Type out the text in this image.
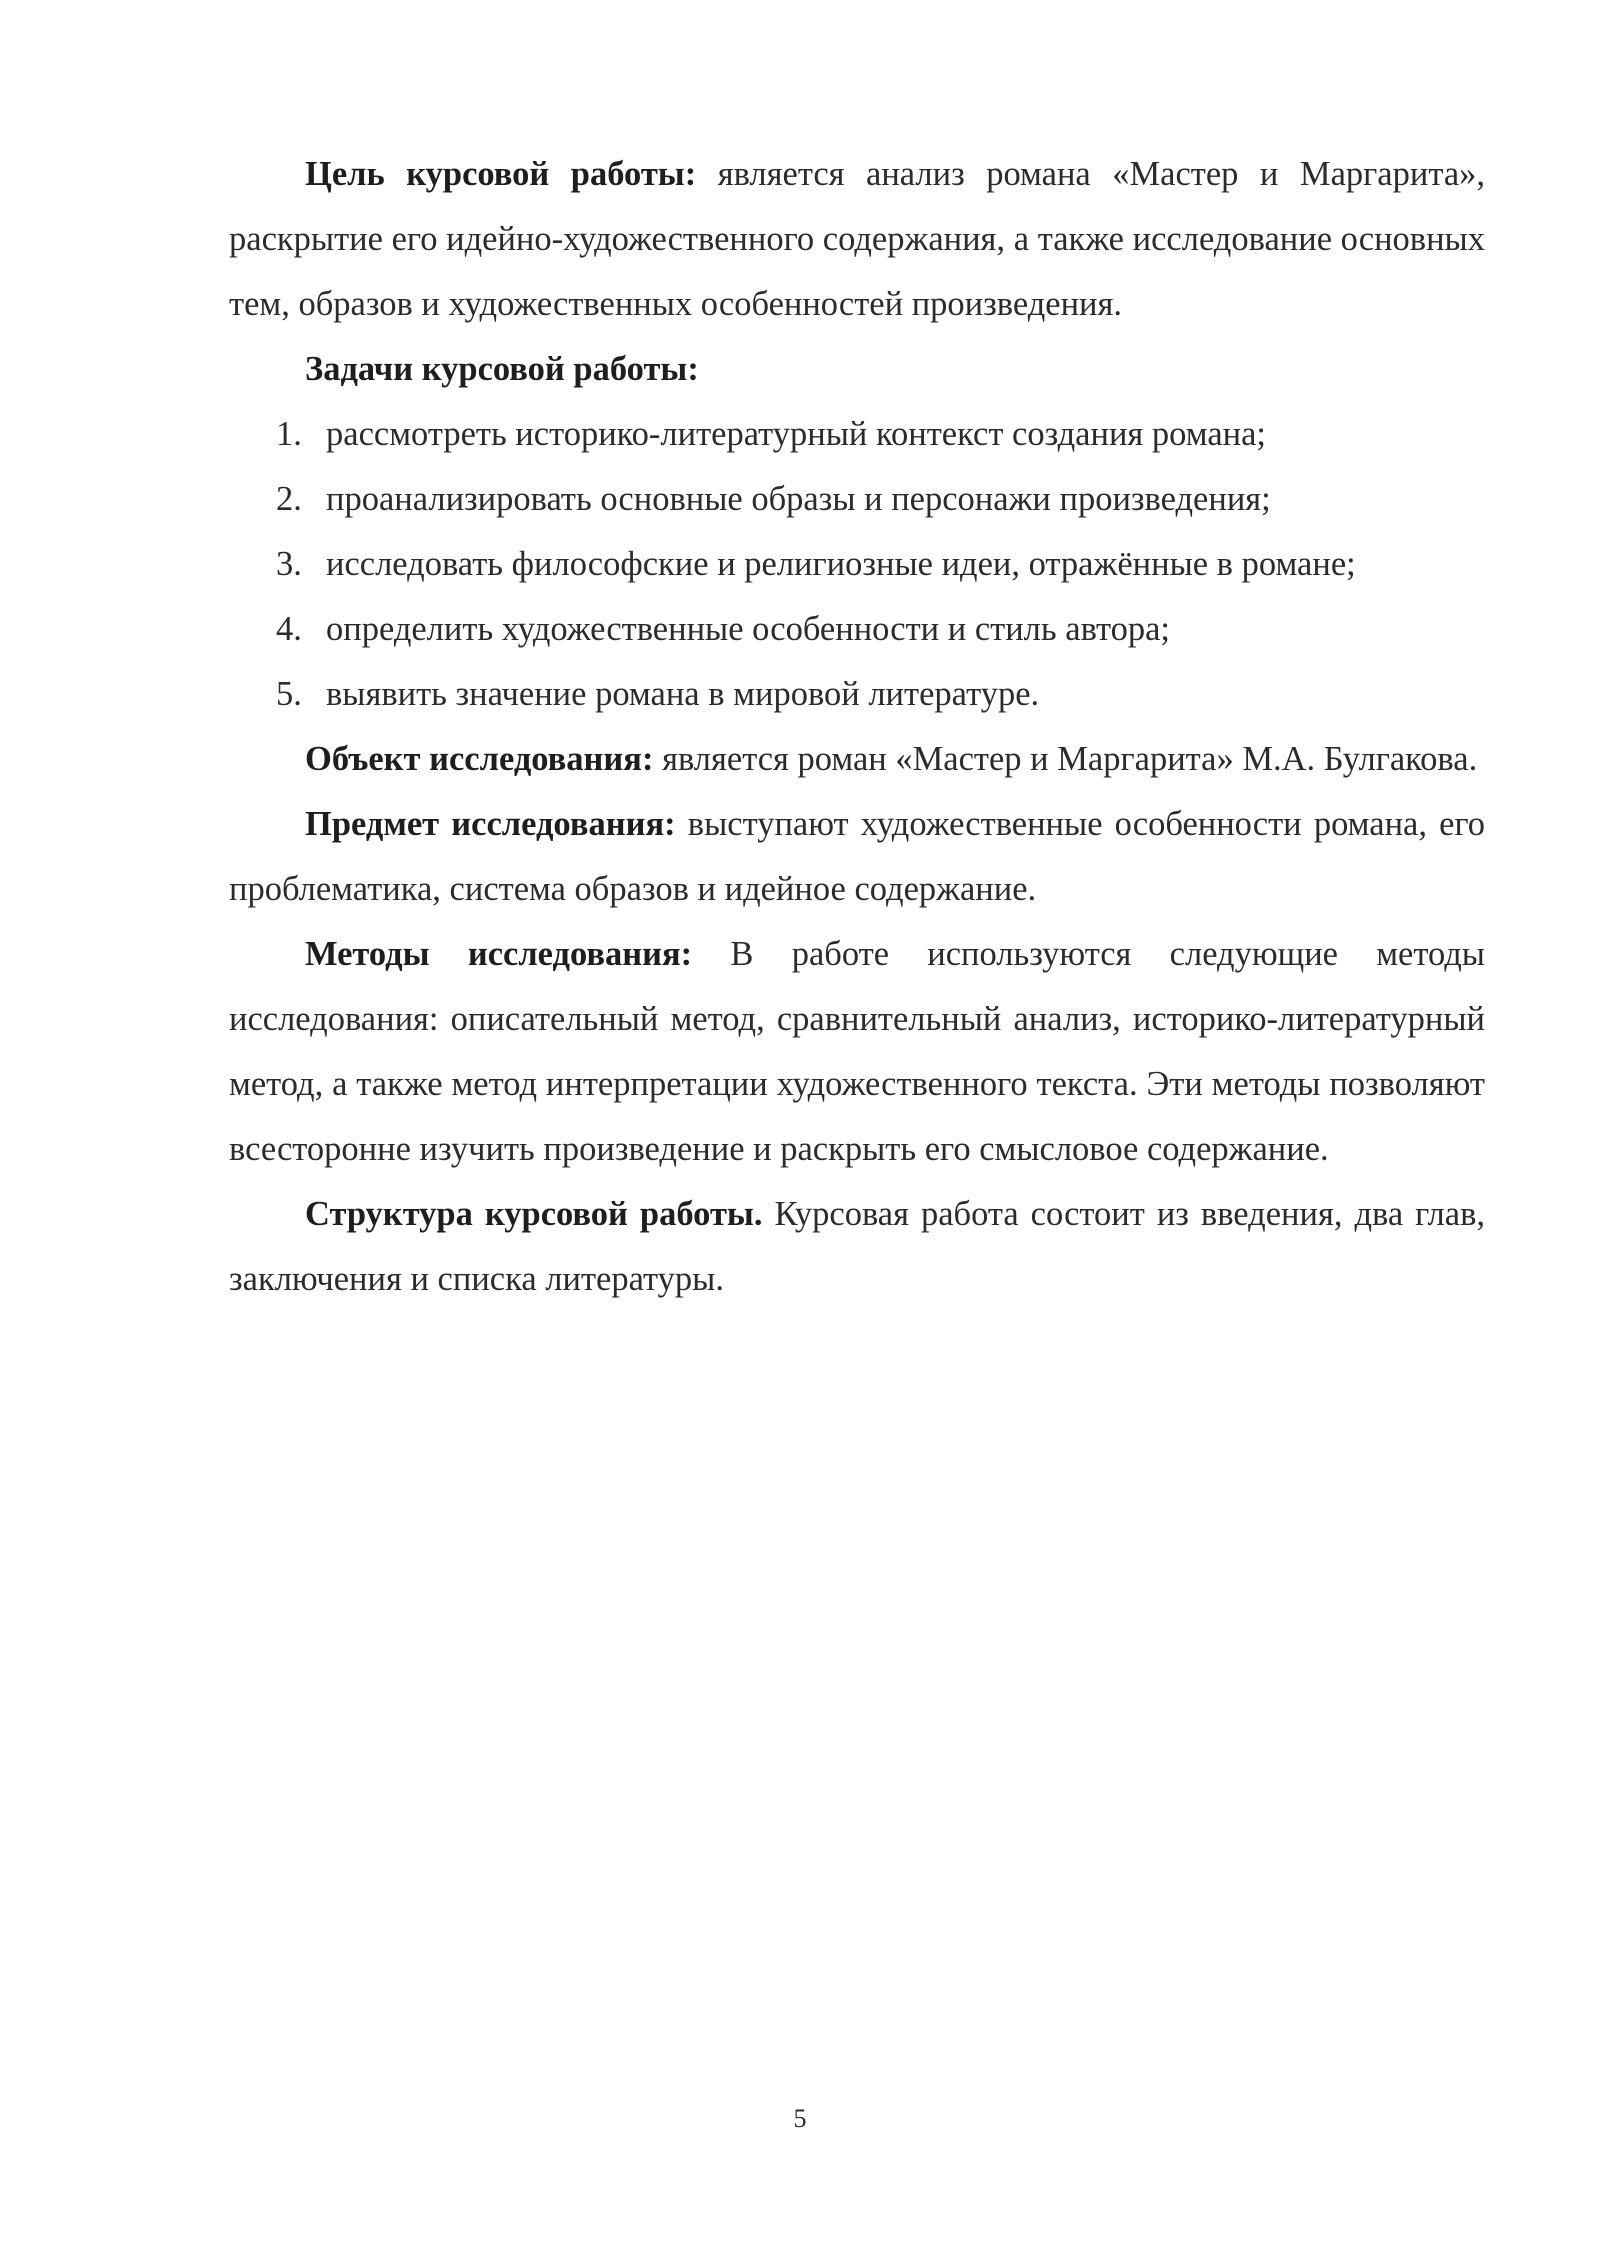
Цель курсовой работы: является анализ романа «Мастер и Маргарита», раскрытие его идейно-художественного содержания, а также исследование основных тем, образов и художественных особенностей произведения.

Задачи курсовой работы:

1. рассмотреть историко-литературный контекст создания романа;
2. проанализировать основные образы и персонажи произведения;
3. исследовать философские и религиозные идеи, отражённые в романе;
4. определить художественные особенности и стиль автора;
5. выявить значение романа в мировой литературе.

Объект исследования: является роман «Мастер и Маргарита» М.А. Булгакова.

Предмет исследования: выступают художественные особенности романа, его проблематика, система образов и идейное содержание.

Методы исследования: В работе используются следующие методы исследования: описательный метод, сравнительный анализ, историко-литературный метод, а также метод интерпретации художественного текста. Эти методы позволяют всесторонне изучить произведение и раскрыть его смысловое содержание.

Структура курсовой работы. Курсовая работа состоит из введения, два глав, заключения и списка литературы.

5
